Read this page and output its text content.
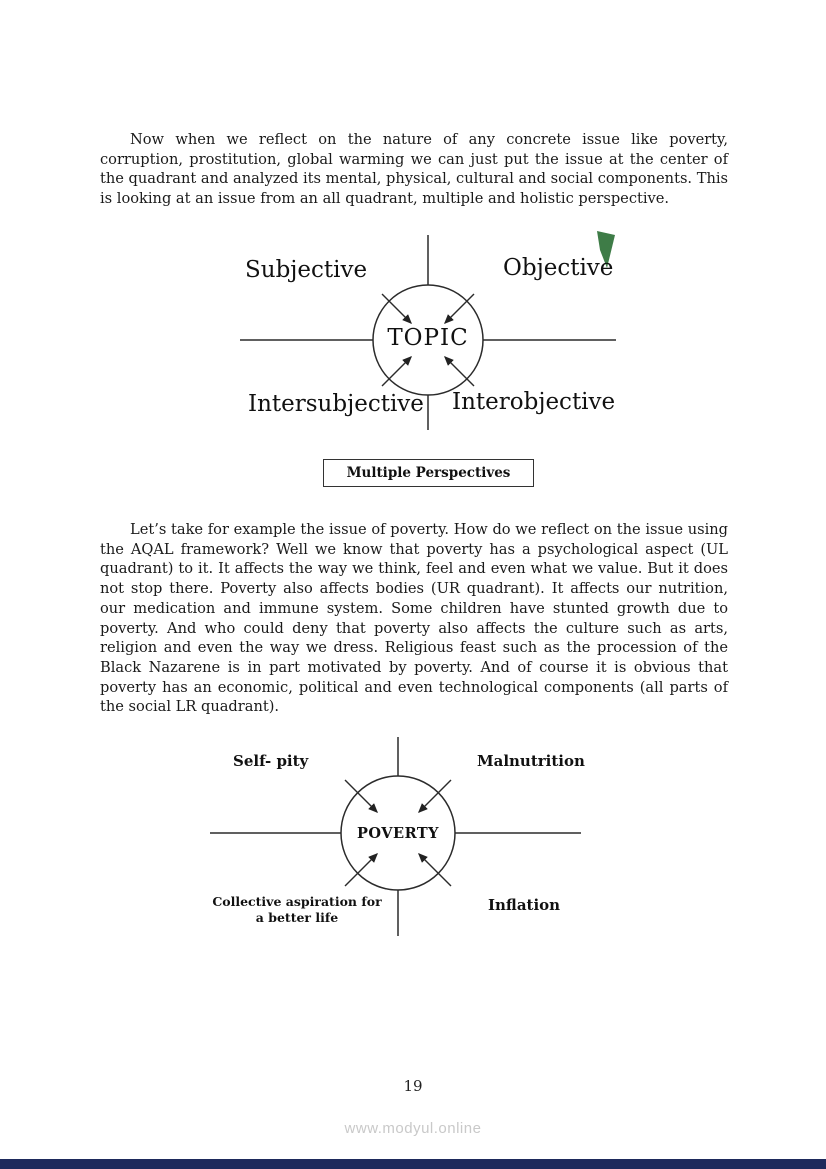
Now when we reflect on the nature of any concrete issue like poverty, corruption, prostitution, global warming we can just put the issue at the center of the quadrant and analyzed its mental, physical, cultural and social components. This is looking at an issue from an all quadrant, multiple and holistic perspective.

Subjective	Objective
Intersubjective Interobjective
TOPIC
Multiple Perspectives

Let’s take for example the issue of poverty. How do we reflect on the issue using the AQAL framework? Well we know that poverty has a psychological aspect (UL quadrant) to it. It affects the way we think, feel and even what we value. But it does not stop there. Poverty also affects bodies (UR quadrant). It affects our nutrition, our medication and immune system. Some children have stunted growth due to poverty. And who could deny that poverty also affects the culture such as arts, religion and even the way we dress. Religious feast such as the procession of the Black Nazarene is in part motivated by poverty. And of course it is obvious that poverty has an economic, political and even technological components (all parts of the social LR quadrant).

Self- pity	Malnutrition
Collective aspiration for
a better life
Inflation
POVERTY
19
www.modyul.online
